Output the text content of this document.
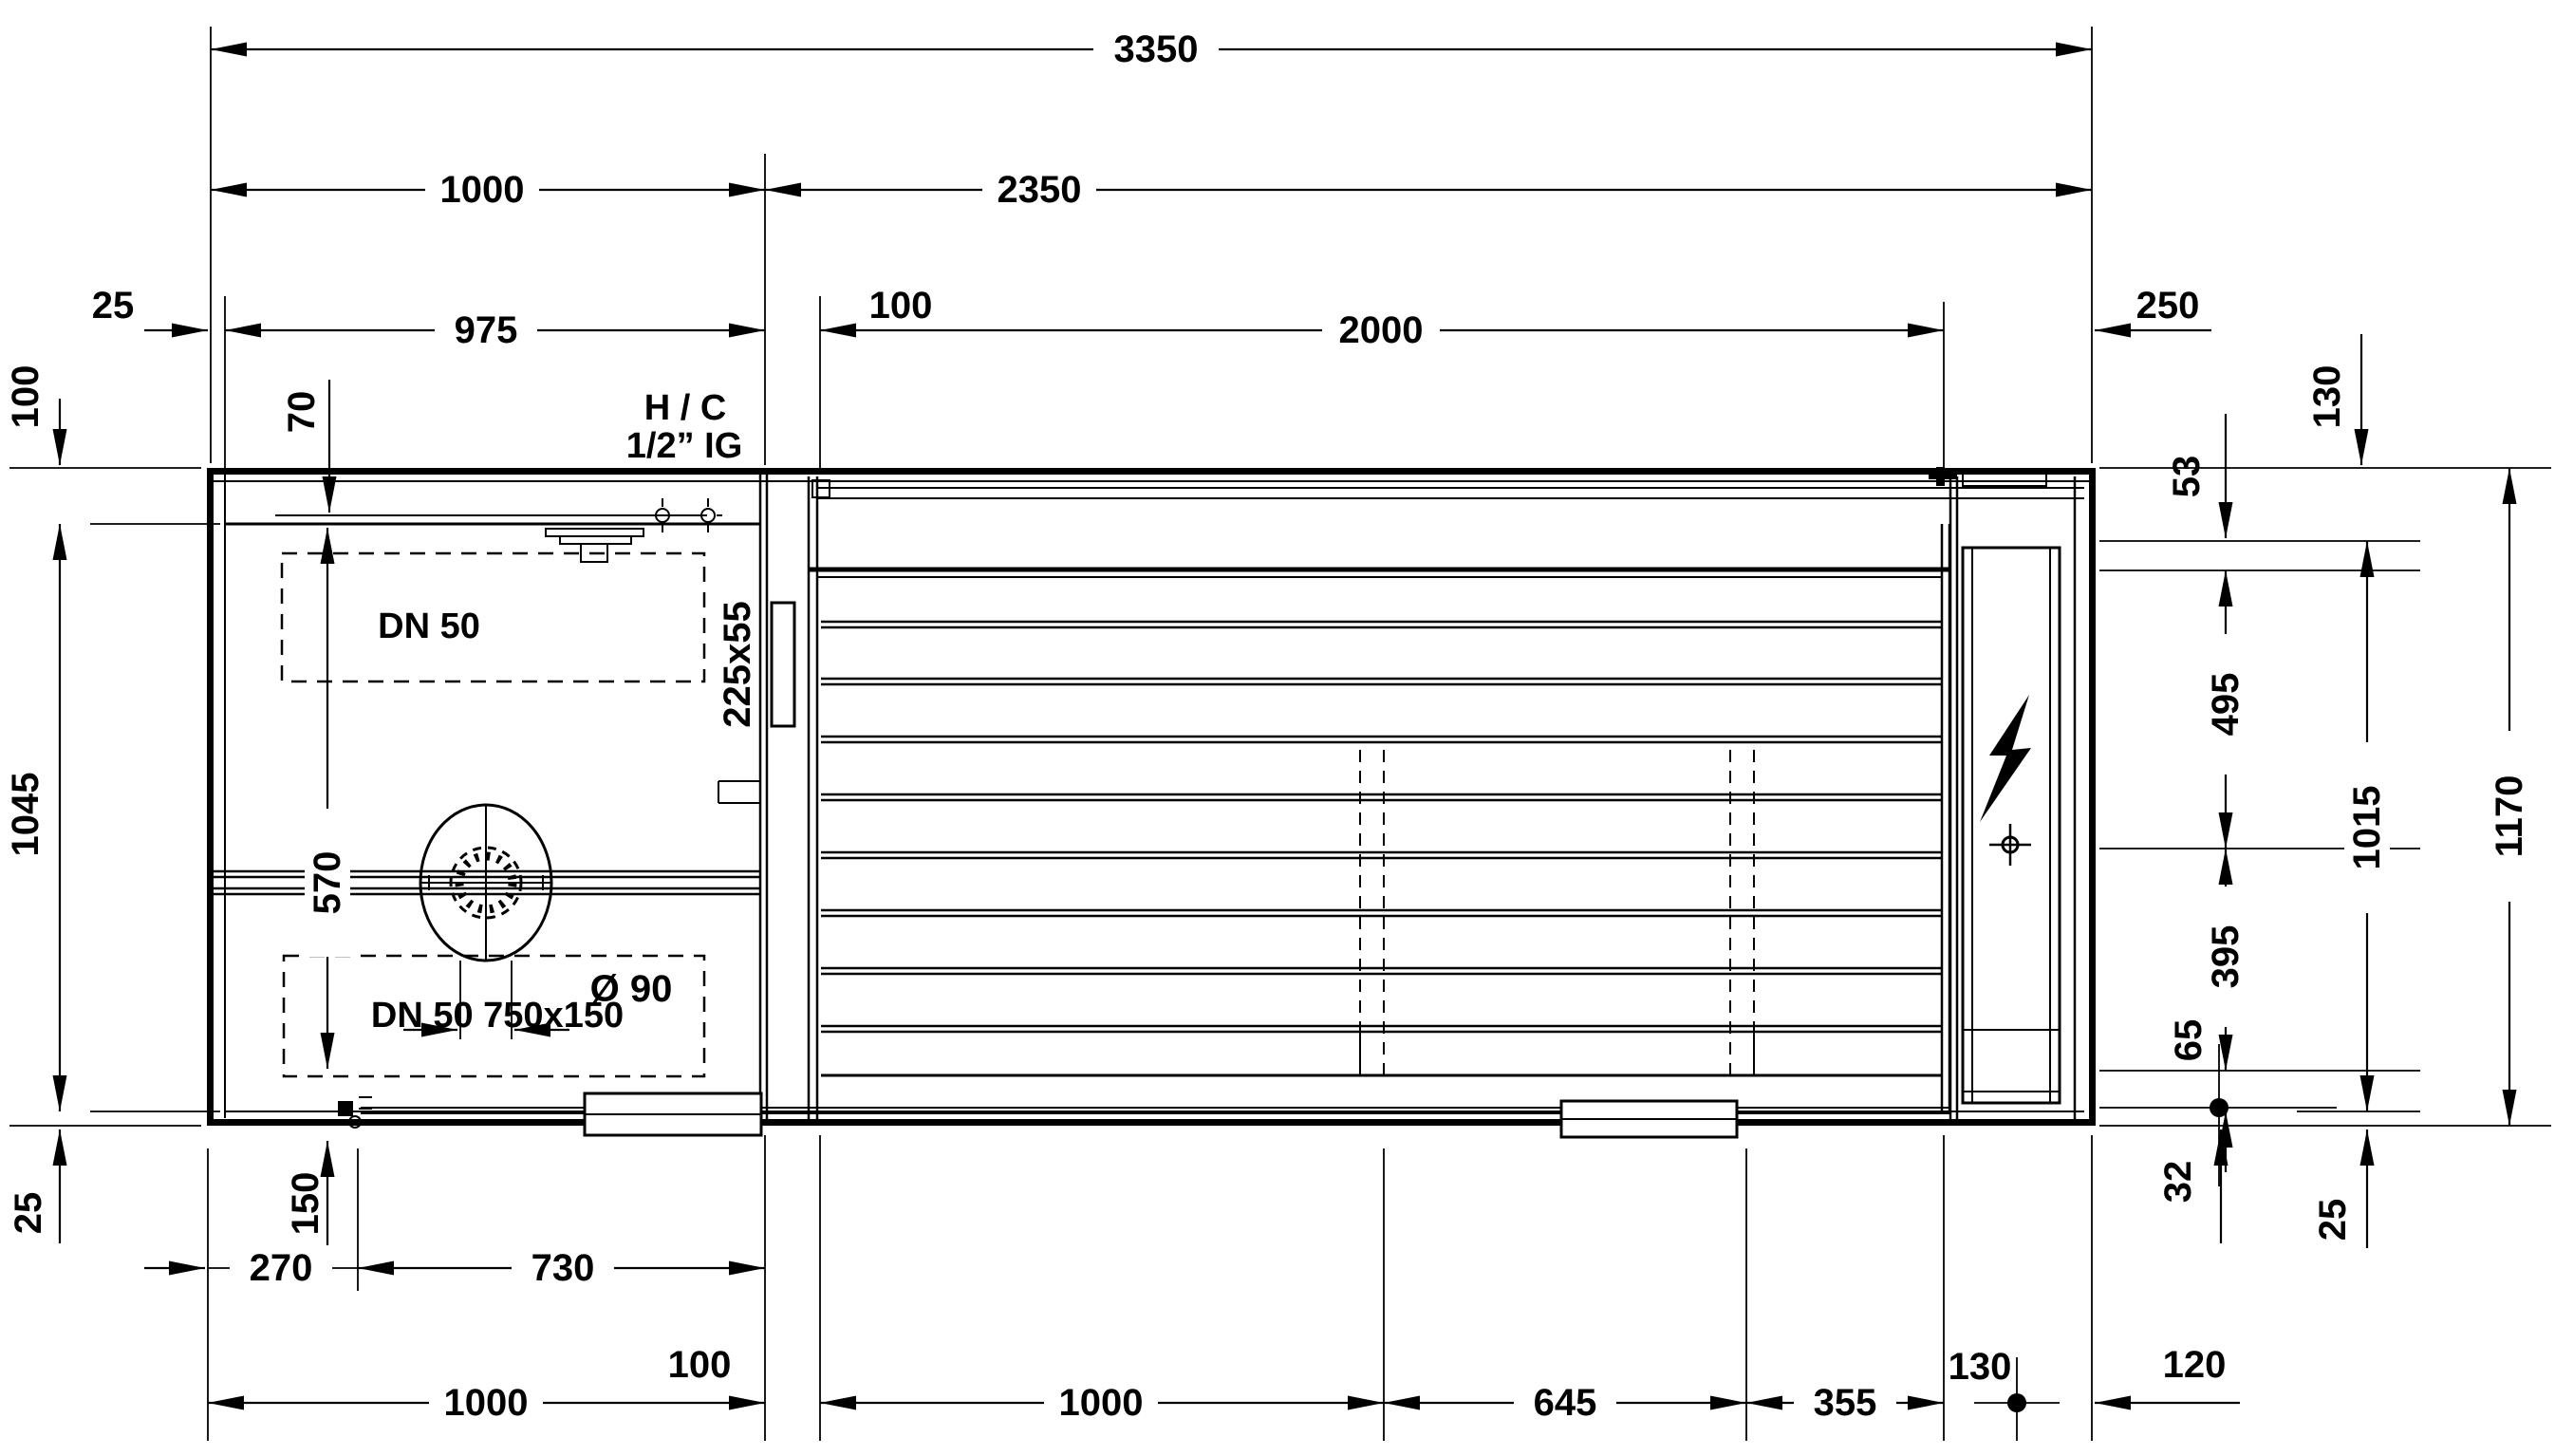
3350
1000	2350
25
975
100
2000
250
70	H / C
1/2” IG
100
1045
25
130
53
495
395
65
32
1015
25
1170
570
Ø 90
DN 50
DN 50 750x150
225x55
150
270	730
1000
100
1000	645	355
130	120
